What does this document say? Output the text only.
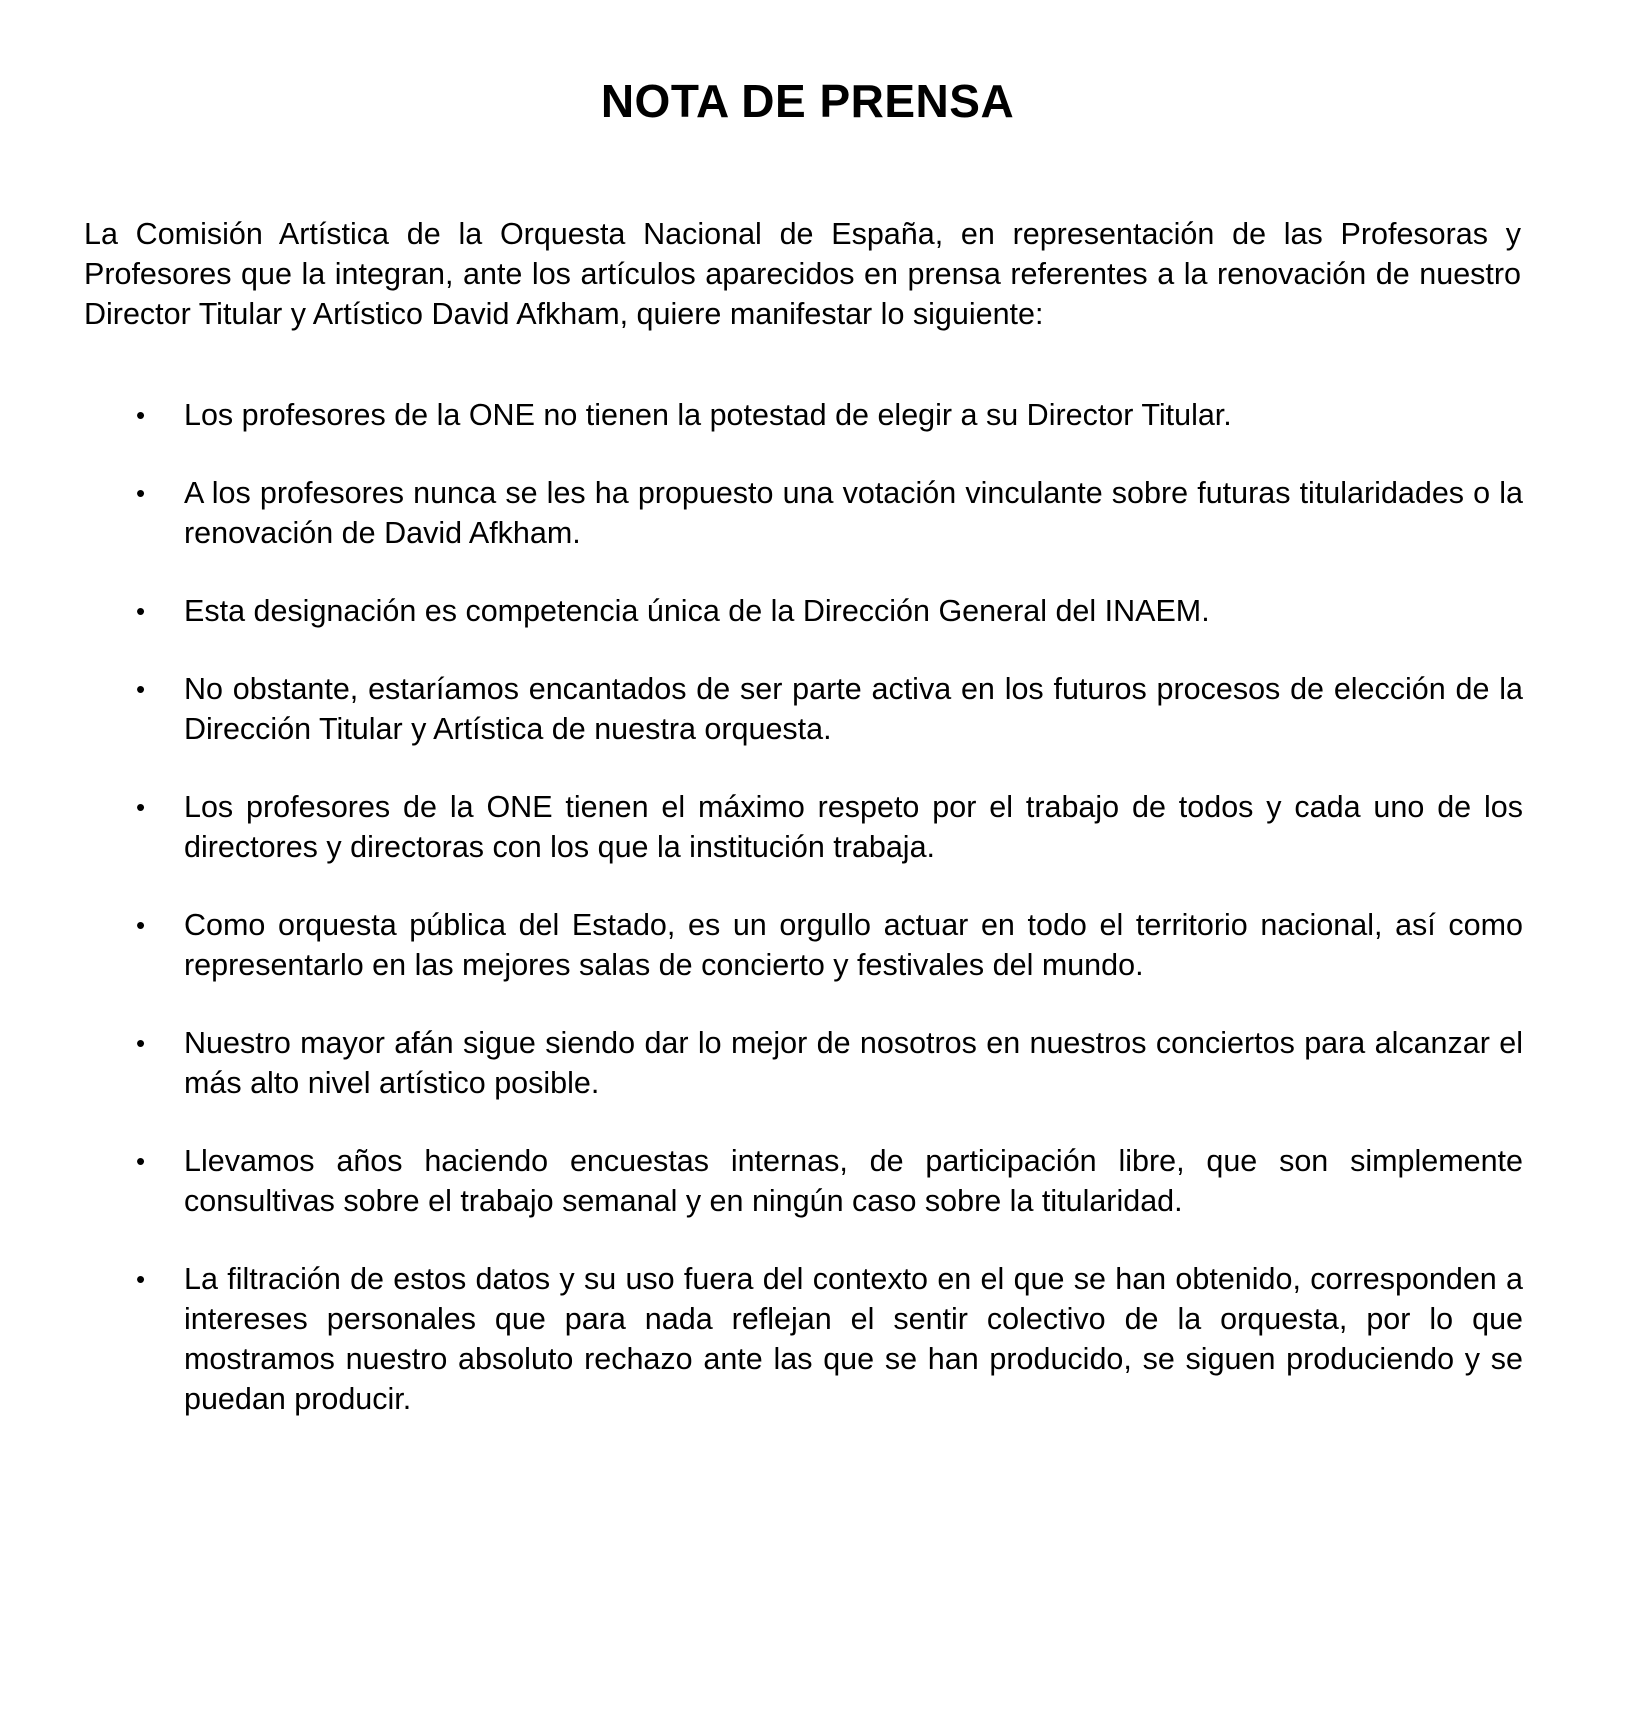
NOTA DE PRENSA

La Comisión Artística de la Orquesta Nacional de España, en representación de las Profesoras y Profesores que la integran, ante los artículos aparecidos en prensa referentes a la renovación de nuestro Director Titular y Artístico David Afkham, quiere manifestar lo siguiente:

• Los profesores de la ONE no tienen la potestad de elegir a su Director Titular.
• A los profesores nunca se les ha propuesto una votación vinculante sobre futuras titularidades o la renovación de David Afkham.
• Esta designación es competencia única de la Dirección General del INAEM.
• No obstante, estaríamos encantados de ser parte activa en los futuros procesos de elección de la Dirección Titular y Artística de nuestra orquesta.
• Los profesores de la ONE tienen el máximo respeto por el trabajo de todos y cada uno de los directores y directoras con los que la institución trabaja.
• Como orquesta pública del Estado, es un orgullo actuar en todo el territorio nacional, así como representarlo en las mejores salas de concierto y festivales del mundo.
• Nuestro mayor afán sigue siendo dar lo mejor de nosotros en nuestros conciertos para alcanzar el más alto nivel artístico posible.
• Llevamos años haciendo encuestas internas, de participación libre, que son simplemente consultivas sobre el trabajo semanal y en ningún caso sobre la titularidad.
• La filtración de estos datos y su uso fuera del contexto en el que se han obtenido, corresponden a intereses personales que para nada reflejan el sentir colectivo de la orquesta, por lo que mostramos nuestro absoluto rechazo ante las que se han producido, se siguen produciendo y se puedan producir.
